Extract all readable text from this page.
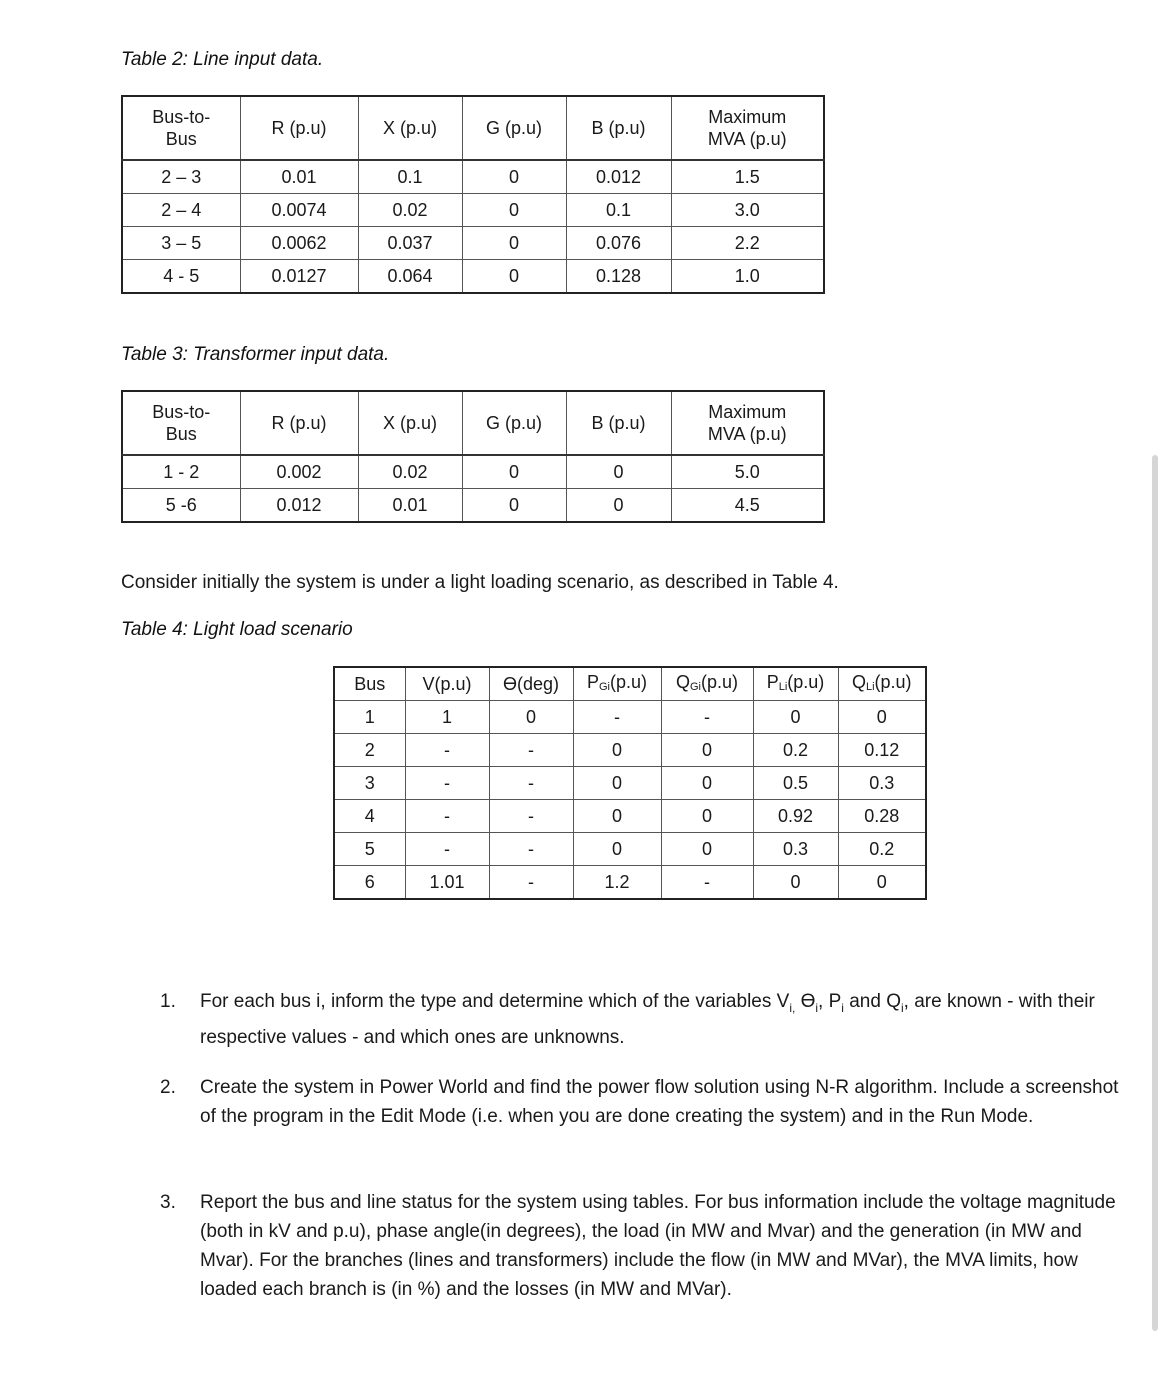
Table 2: Line input data.
Bus-to-
Bus	R (p.u)	X (p.u)	G (p.u)	B (p.u)	Maximum
MVA (p.u)
2 – 3	0.01	0.1	0	0.012	1.5
2 – 4	0.0074	0.02	0	0.1	3.0
3 – 5	0.0062	0.037	0	0.076	2.2
4 - 5	0.0127	0.064	0	0.128	1.0
Table 3: Transformer input data.
Bus-to-
Bus	R (p.u)	X (p.u)	G (p.u)	B (p.u)	Maximum
MVA (p.u)
1 - 2	0.002	0.02	0	0	5.0
5 -6	0.012	0.01	0	0	4.5
Consider initially the system is under a light loading scenario, as described in Table 4.
Table 4: Light load scenario
Bus	V(p.u)	ϴ(deg)	$P_{Gi}(p.u)$	$Q_{Gi}(p.u)$	$P_{Li}(p.u)$	$Q_{Li}(p.u)$
1	1	0	-	-	0	0
2	-	-	0	0	0.2	0.12
3	-	-	0	0	0.5	0.3
4	-	-	0	0	0.92	0.28
5	-	-	0	0	0.3	0.2
6	1.01	-	1.2	-	0	0
1.	For each bus i, inform the type and determine which of the variables $V_{i,}$ $ϴ_i$, $P_i$ and $Q_i$, are known - with their respective values - and which ones are unknowns.
2.	Create the system in Power World and find the power flow solution using N-R algorithm. Include a screenshot of the program in the Edit Mode (i.e. when you are done creating the system) and in the Run Mode.
3.	Report the bus and line status for the system using tables. For bus information include the voltage magnitude (both in kV and p.u), phase angle(in degrees), the load (in MW and Mvar) and the generation (in MW and Mvar). For the branches (lines and transformers) include the flow (in MW and MVar), the MVA limits, how loaded each branch is (in %) and the losses (in MW and MVar).
